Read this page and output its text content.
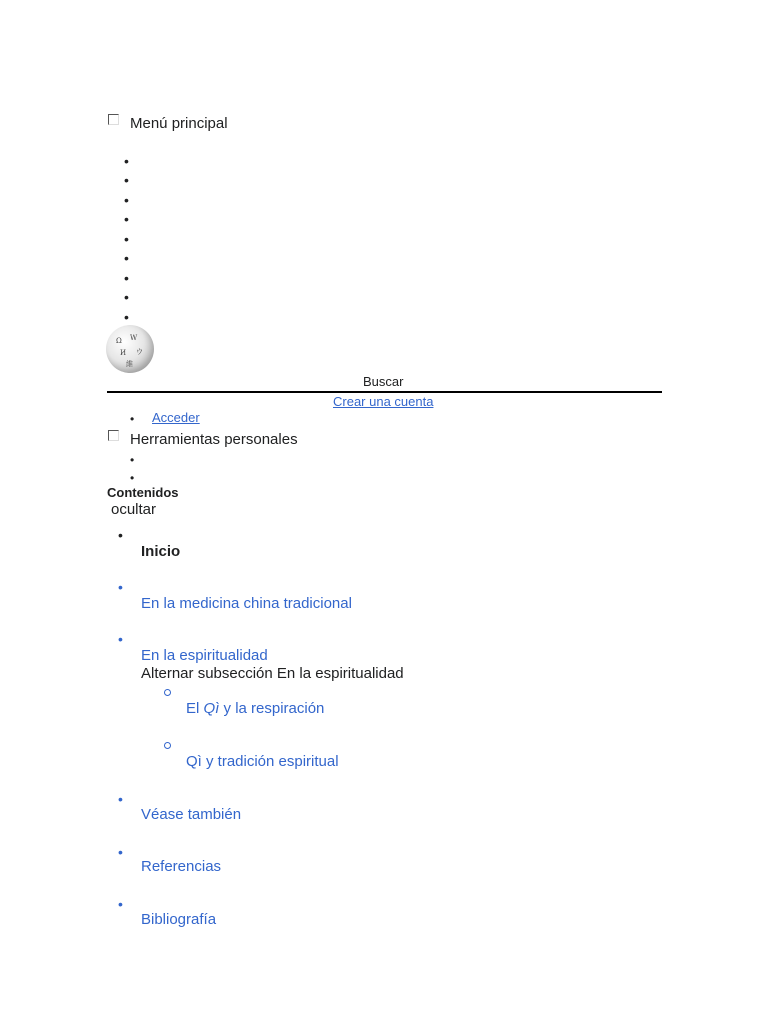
Menú principal
•
•
•
•
•
•
•
•
•
Ω W
И ウ
維
Buscar
Crear una cuenta
• Acceder
Herramientas personales
•
•
Contenidos
ocultar
•
Inicio
•
En la medicina china tradicional
•
En la espiritualidad
Alternar subsección En la espiritualidad
El Qì y la respiración
Qì y tradición espiritual
•
Véase también
•
Referencias
•
Bibliografía
